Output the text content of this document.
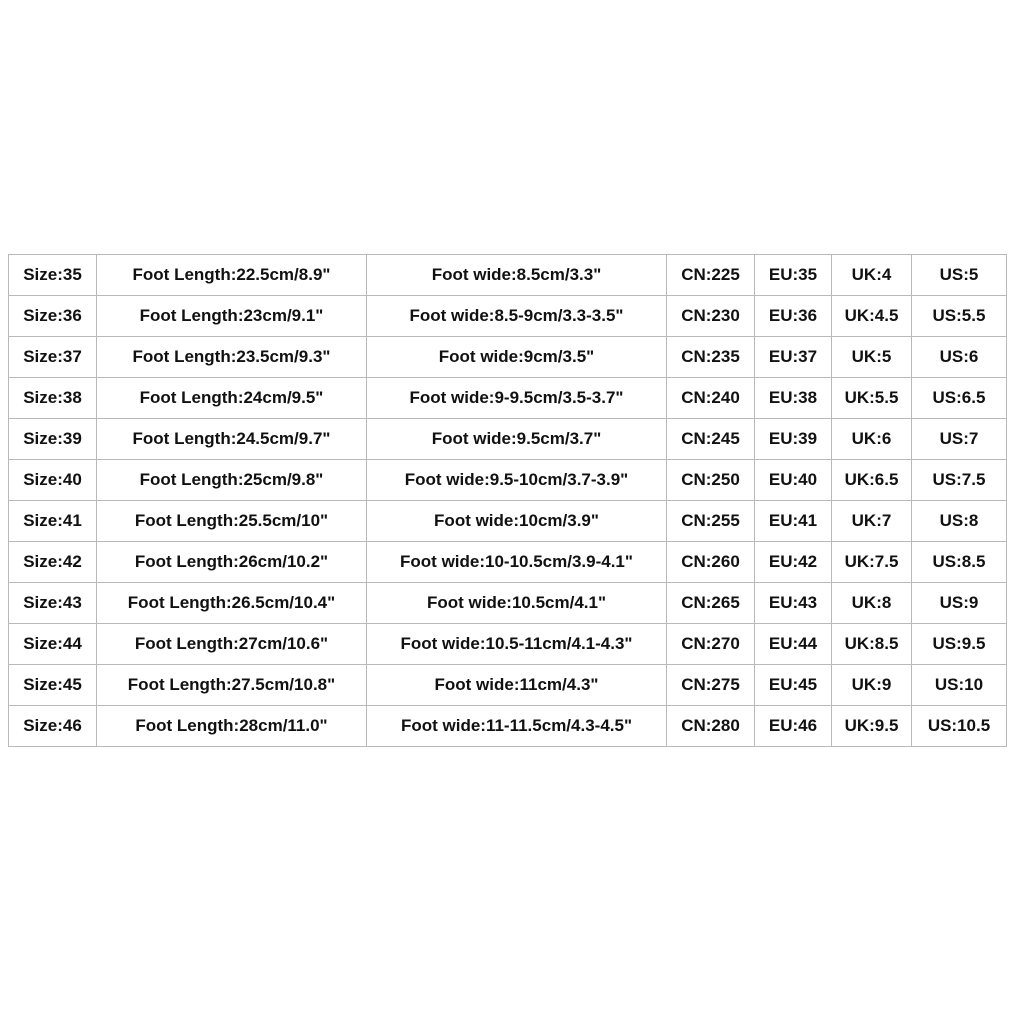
Size:35	Foot Length:22.5cm/8.9"	Foot wide:8.5cm/3.3"	CN:225	EU:35	UK:4	US:5
Size:36	Foot Length:23cm/9.1"	Foot wide:8.5-9cm/3.3-3.5"	CN:230	EU:36	UK:4.5	US:5.5
Size:37	Foot Length:23.5cm/9.3"	Foot wide:9cm/3.5"	CN:235	EU:37	UK:5	US:6
Size:38	Foot Length:24cm/9.5"	Foot wide:9-9.5cm/3.5-3.7"	CN:240	EU:38	UK:5.5	US:6.5
Size:39	Foot Length:24.5cm/9.7"	Foot wide:9.5cm/3.7"	CN:245	EU:39	UK:6	US:7
Size:40	Foot Length:25cm/9.8"	Foot wide:9.5-10cm/3.7-3.9"	CN:250	EU:40	UK:6.5	US:7.5
Size:41	Foot Length:25.5cm/10"	Foot wide:10cm/3.9"	CN:255	EU:41	UK:7	US:8
Size:42	Foot Length:26cm/10.2"	Foot wide:10-10.5cm/3.9-4.1"	CN:260	EU:42	UK:7.5	US:8.5
Size:43	Foot Length:26.5cm/10.4"	Foot wide:10.5cm/4.1"	CN:265	EU:43	UK:8	US:9
Size:44	Foot Length:27cm/10.6"	Foot wide:10.5-11cm/4.1-4.3"	CN:270	EU:44	UK:8.5	US:9.5
Size:45	Foot Length:27.5cm/10.8"	Foot wide:11cm/4.3"	CN:275	EU:45	UK:9	US:10
Size:46	Foot Length:28cm/11.0"	Foot wide:11-11.5cm/4.3-4.5"	CN:280	EU:46	UK:9.5	US:10.5
